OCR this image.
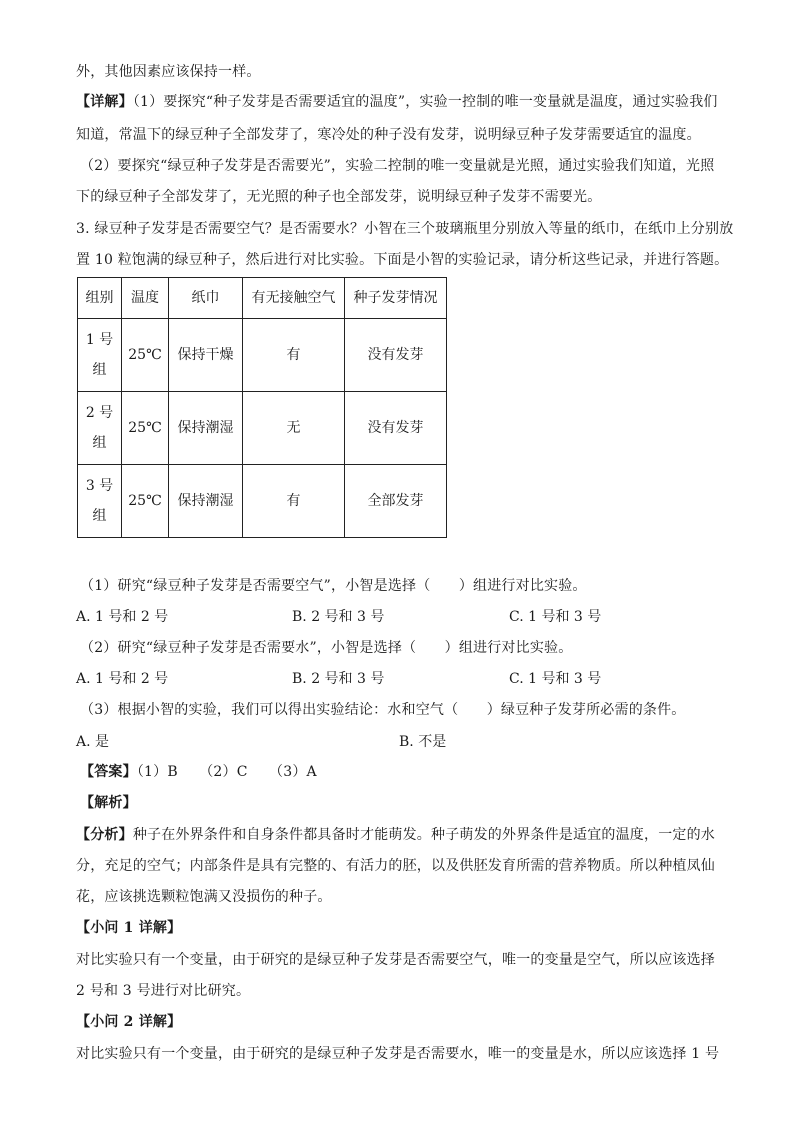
外，其他因素应该保持一样。
【详解】（1）要探究“种子发芽是否需要适宜的温度”，实验一控制的唯一变量就是温度，通过实验我们
知道，常温下的绿豆种子全部发芽了，寒冷处的种子没有发芽，说明绿豆种子发芽需要适宜的温度。
（2）要探究“绿豆种子发芽是否需要光”，实验二控制的唯一变量就是光照，通过实验我们知道，光照
下的绿豆种子全部发芽了，无光照的种子也全部发芽，说明绿豆种子发芽不需要光。
3. 绿豆种子发芽是否需要空气？是否需要水？小智在三个玻璃瓶里分别放入等量的纸巾，在纸巾上分别放
置 10 粒饱满的绿豆种子，然后进行对比实验。下面是小智的实验记录，请分析这些记录，并进行答题。
组别	温度	纸巾	有无接触空气	种子发芽情况

1 号
组	25℃	保持干燥	有	没有发芽

2 号
组	25℃	保持潮湿	无	没有发芽

3 号
组	25℃	保持潮湿	有	全部发芽
（1）研究“绿豆种子发芽是否需要空气”，小智是选择（　　）组进行对比实验。
A. 1 号和 2 号	B. 2 号和 3 号	C. 1 号和 3 号
（2）研究“绿豆种子发芽是否需要水”，小智是选择（　　）组进行对比实验。
A. 1 号和 2 号	B. 2 号和 3 号	C. 1 号和 3 号
（3）根据小智的实验，我们可以得出实验结论：水和空气（　　）绿豆种子发芽所必需的条件。
A. 是	B. 不是
【答案】（1）B　　（2）C　　（3）A
【解析】
【分析】种子在外界条件和自身条件都具备时才能萌发。种子萌发的外界条件是适宜的温度，一定的水
分，充足的空气；内部条件是具有完整的、有活力的胚，以及供胚发育所需的营养物质。所以种植凤仙
花，应该挑选颗粒饱满又没损伤的种子。
【小问 1 详解】
对比实验只有一个变量，由于研究的是绿豆种子发芽是否需要空气，唯一的变量是空气，所以应该选择
2 号和 3 号进行对比研究。
【小问 2 详解】
对比实验只有一个变量，由于研究的是绿豆种子发芽是否需要水，唯一的变量是水，所以应该选择 1 号
